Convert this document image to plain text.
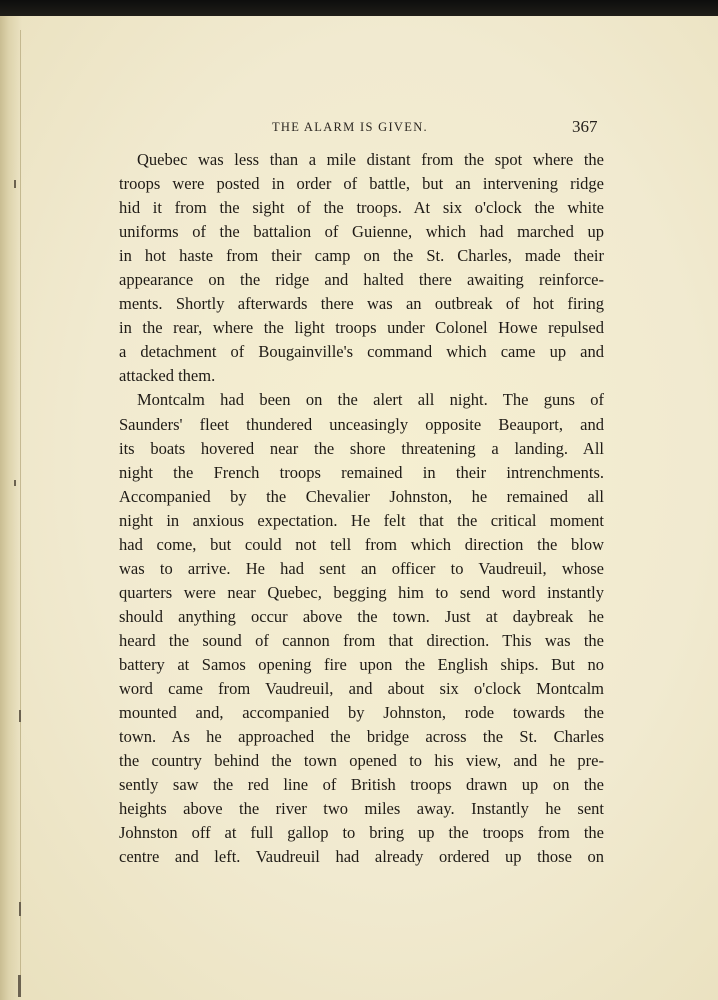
THE ALARM IS GIVEN.	367
Quebec was less than a mile distant from the spot where the
troops were posted in order of battle, but an intervening ridge
hid it from the sight of the troops. At six o'clock the white
uniforms of the battalion of Guienne, which had marched up
in hot haste from their camp on the St. Charles, made their
appearance on the ridge and halted there awaiting reinforce-
ments. Shortly afterwards there was an outbreak of hot firing
in the rear, where the light troops under Colonel Howe repulsed
a detachment of Bougainville's command which came up and
attacked them.
Montcalm had been on the alert all night. The guns of
Saunders' fleet thundered unceasingly opposite Beauport, and
its boats hovered near the shore threatening a landing. All
night the French troops remained in their intrenchments.
Accompanied by the Chevalier Johnston, he remained all
night in anxious expectation. He felt that the critical moment
had come, but could not tell from which direction the blow
was to arrive. He had sent an officer to Vaudreuil, whose
quarters were near Quebec, begging him to send word instantly
should anything occur above the town. Just at daybreak he
heard the sound of cannon from that direction. This was the
battery at Samos opening fire upon the English ships. But no
word came from Vaudreuil, and about six o'clock Montcalm
mounted and, accompanied by Johnston, rode towards the
town. As he approached the bridge across the St. Charles
the country behind the town opened to his view, and he pre-
sently saw the red line of British troops drawn up on the
heights above the river two miles away. Instantly he sent
Johnston off at full gallop to bring up the troops from the
centre and left. Vaudreuil had already ordered up those on
